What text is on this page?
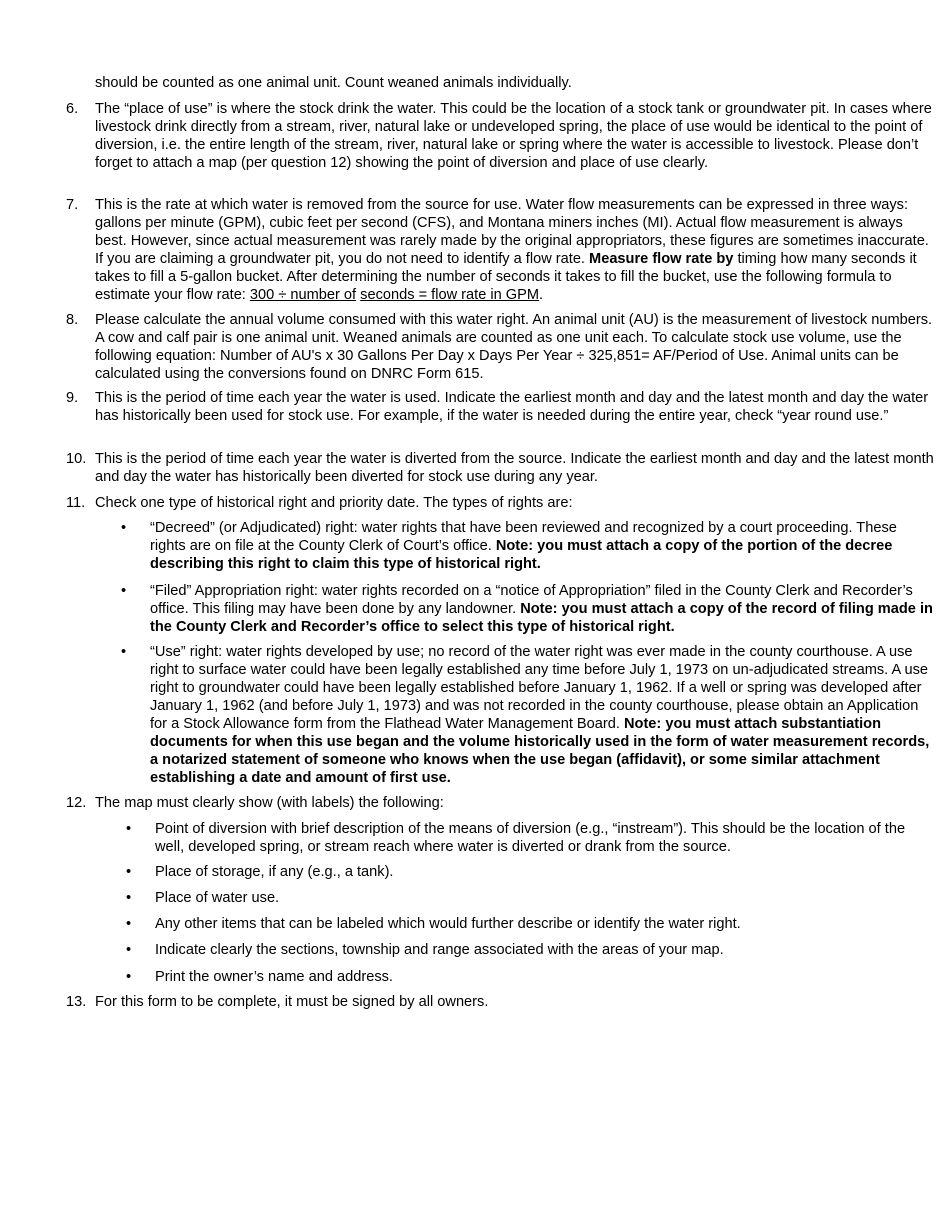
should be counted as one animal unit. Count weaned animals individually.
6.	The “place of use” is where the stock drink the water. This could be the location of a stock tank or groundwater pit. In cases where livestock drink directly from a stream, river, natural lake or undeveloped spring, the place of use would be identical to the point of diversion, i.e. the entire length of the stream, river, natural lake or spring where the water is accessible to livestock. Please don’t forget to attach a map (per question 12) showing the point of diversion and place of use clearly.
7.	This is the rate at which water is removed from the source for use. Water flow measurements can be expressed in three ways: gallons per minute (GPM), cubic feet per second (CFS), and Montana miners inches (MI). Actual flow measurement is always best. However, since actual measurement was rarely made by the original appropriators, these figures are sometimes inaccurate. If you are claiming a groundwater pit, you do not need to identify a flow rate. Measure flow rate by timing how many seconds it takes to fill a 5-gallon bucket. After determining the number of seconds it takes to fill the bucket, use the following formula to estimate your flow rate: 300 ÷ number of seconds = flow rate in GPM.
8.	Please calculate the annual volume consumed with this water right. An animal unit (AU) is the measurement of livestock numbers. A cow and calf pair is one animal unit. Weaned animals are counted as one unit each. To calculate stock use volume, use the following equation: Number of AU's x 30 Gallons Per Day x Days Per Year ÷ 325,851= AF/Period of Use. Animal units can be calculated using the conversions found on DNRC Form 615.
9.	This is the period of time each year the water is used. Indicate the earliest month and day and the latest month and day the water has historically been used for stock use. For example, if the water is needed during the entire year, check “year round use.”
10. This is the period of time each year the water is diverted from the source. Indicate the earliest month and day and the latest month and day the water has historically been diverted for stock use during any year.
11. Check one type of historical right and priority date. The types of rights are:
• “Decreed” (or Adjudicated) right: water rights that have been reviewed and recognized by a court proceeding. These rights are on file at the County Clerk of Court’s office. Note: you must attach a copy of the portion of the decree describing this right to claim this type of historical right.
• “Filed” Appropriation right: water rights recorded on a “notice of Appropriation” filed in the County Clerk and Recorder’s office. This filing may have been done by any landowner. Note: you must attach a copy of the record of filing made in the County Clerk and Recorder’s office to select this type of historical right.
• “Use” right: water rights developed by use; no record of the water right was ever made in the county courthouse. A use right to surface water could have been legally established any time before July 1, 1973 on un-adjudicated streams. A use right to groundwater could have been legally established before January 1, 1962. If a well or spring was developed after January 1, 1962 (and before July 1, 1973) and was not recorded in the county courthouse, please obtain an Application for a Stock Allowance form from the Flathead Water Management Board. Note: you must attach substantiation documents for when this use began and the volume historically used in the form of water measurement records, a notarized statement of someone who knows when the use began (affidavit), or some similar attachment establishing a date and amount of first use.
12. The map must clearly show (with labels) the following:
• Point of diversion with brief description of the means of diversion (e.g., “instream”). This should be the location of the well, developed spring, or stream reach where water is diverted or drank from the source.
• Place of storage, if any (e.g., a tank).
• Place of water use.
• Any other items that can be labeled which would further describe or identify the water right.
• Indicate clearly the sections, township and range associated with the areas of your map.
• Print the owner’s name and address.
13. For this form to be complete, it must be signed by all owners.
